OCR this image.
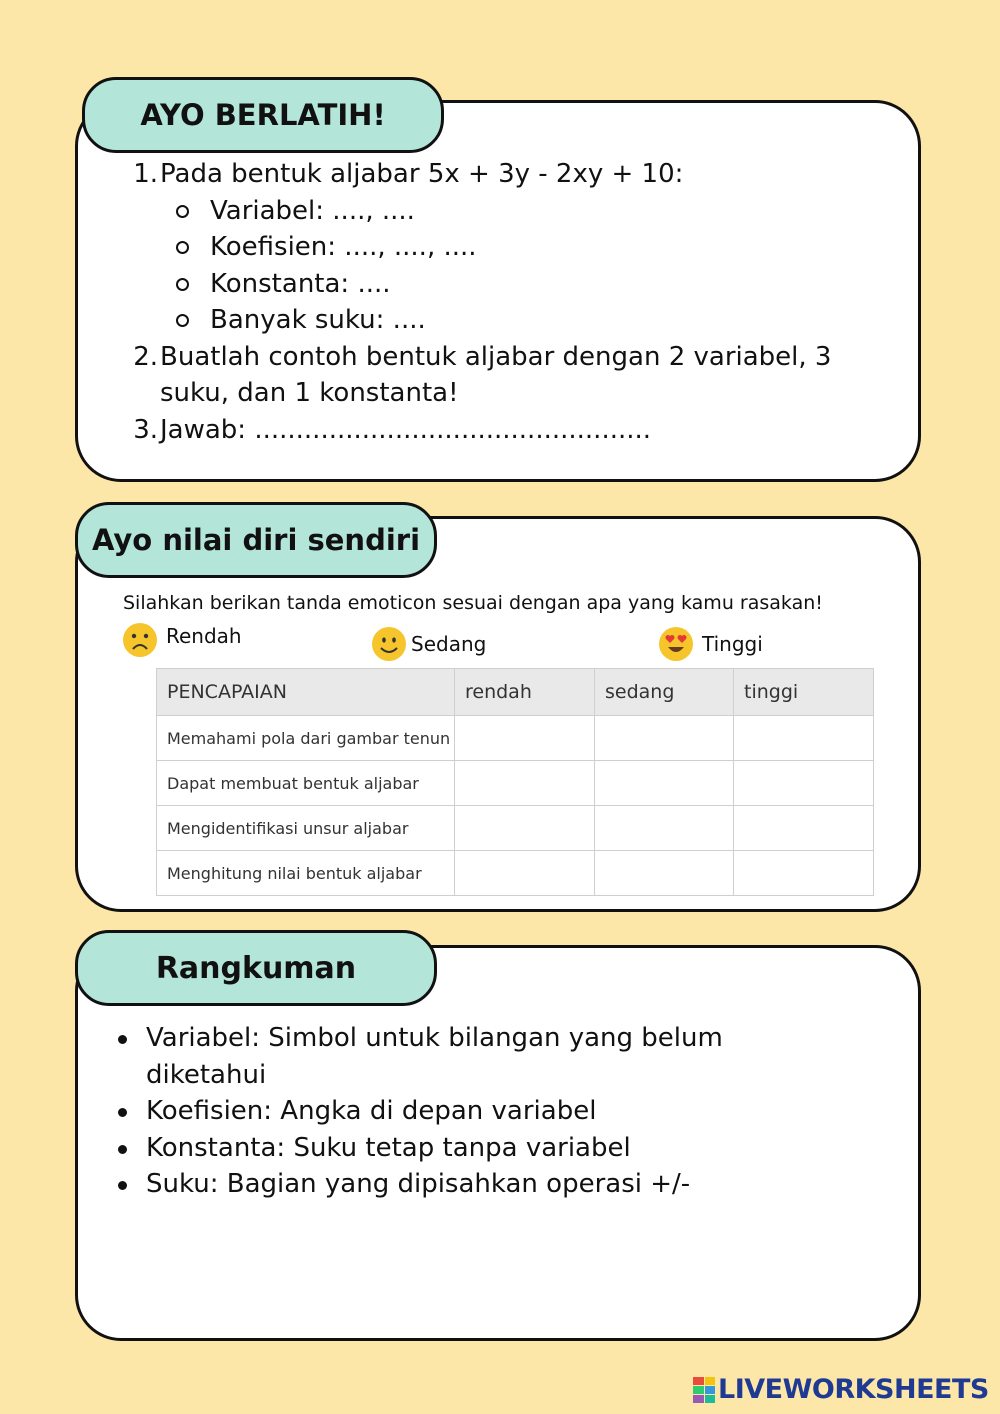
AYO BERLATIH!
1. Pada bentuk aljabar 5x + 3y - 2xy + 10:
Variabel: ...., ....
Koefisien: ...., ...., ....
Konstanta: ....
Banyak suku: ....
2. Buatlah contoh bentuk aljabar dengan 2 variabel, 3
suku, dan 1 konstanta!
3. Jawab: ................................................
Ayo nilai diri sendiri
Silahkan berikan tanda emoticon sesuai dengan apa yang kamu rasakan!
Rendah	Sedang	Tinggi
PENCAPAIAN	rendah	sedang	tinggi
Memahami pola dari gambar tenun			
Dapat membuat bentuk aljabar			
Mengidentifikasi unsur aljabar			
Menghitung nilai bentuk aljabar			
Rangkuman
Variabel: Simbol untuk bilangan yang belum
diketahui
Koefisien: Angka di depan variabel
Konstanta: Suku tetap tanpa variabel
Suku: Bagian yang dipisahkan operasi +/-
LIVEWORKSHEETS
